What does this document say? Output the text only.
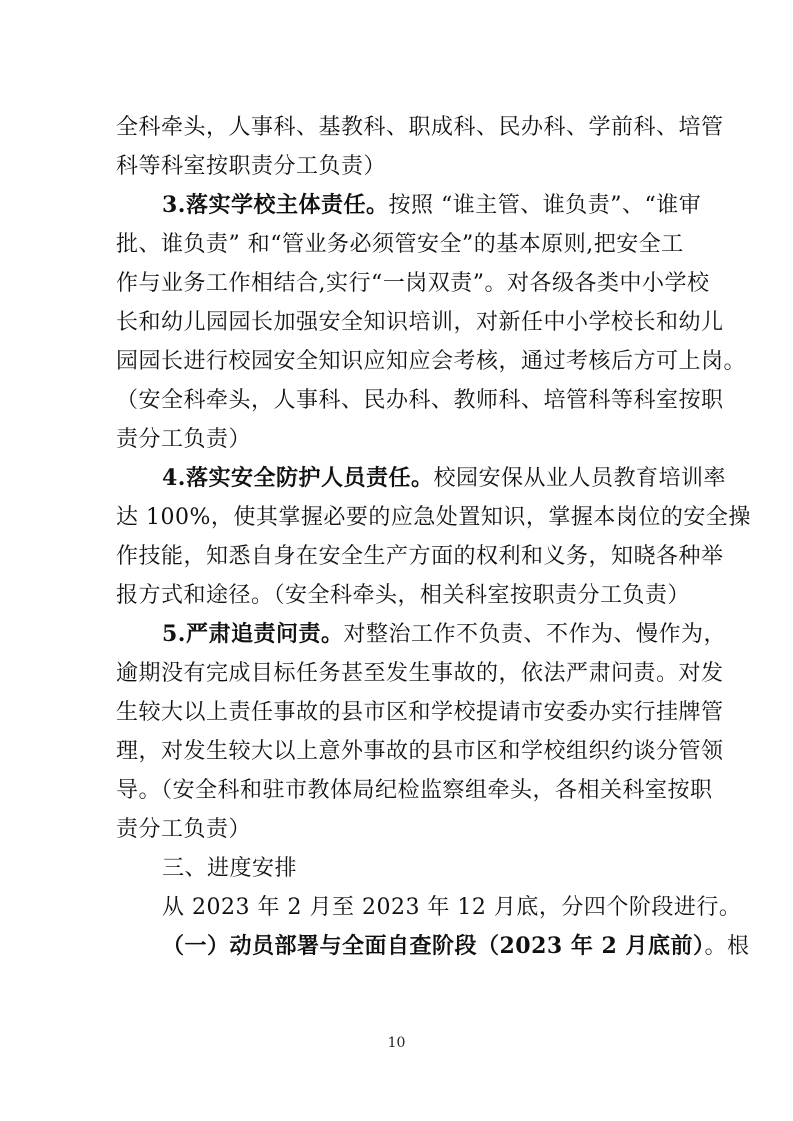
全科牵头，人事科、基教科、职成科、民办科、学前科、培管
科等科室按职责分工负责）
3.落实学校主体责任。按照 “谁主管、谁负责”、“谁审
批、谁负责” 和“管业务必须管安全”的基本原则,把安全工
作与业务工作相结合,实行“一岗双责”。对各级各类中小学校
长和幼儿园园长加强安全知识培训，对新任中小学校长和幼儿
园园长进行校园安全知识应知应会考核，通过考核后方可上岗。
（安全科牵头，人事科、民办科、教师科、培管科等科室按职
责分工负责）
4.落实安全防护人员责任。校园安保从业人员教育培训率
达 100%，使其掌握必要的应急处置知识，掌握本岗位的安全操
作技能，知悉自身在安全生产方面的权利和义务，知晓各种举
报方式和途径。（安全科牵头，相关科室按职责分工负责）
5.严肃追责问责。对整治工作不负责、不作为、慢作为，
逾期没有完成目标任务甚至发生事故的，依法严肃问责。对发
生较大以上责任事故的县市区和学校提请市安委办实行挂牌管
理，对发生较大以上意外事故的县市区和学校组织约谈分管领
导。（安全科和驻市教体局纪检监察组牵头，各相关科室按职
责分工负责）
三、进度安排
从 2023 年 2 月至 2023 年 12 月底，分四个阶段进行。
（一）动员部署与全面自查阶段（2023 年 2 月底前）。根
10
